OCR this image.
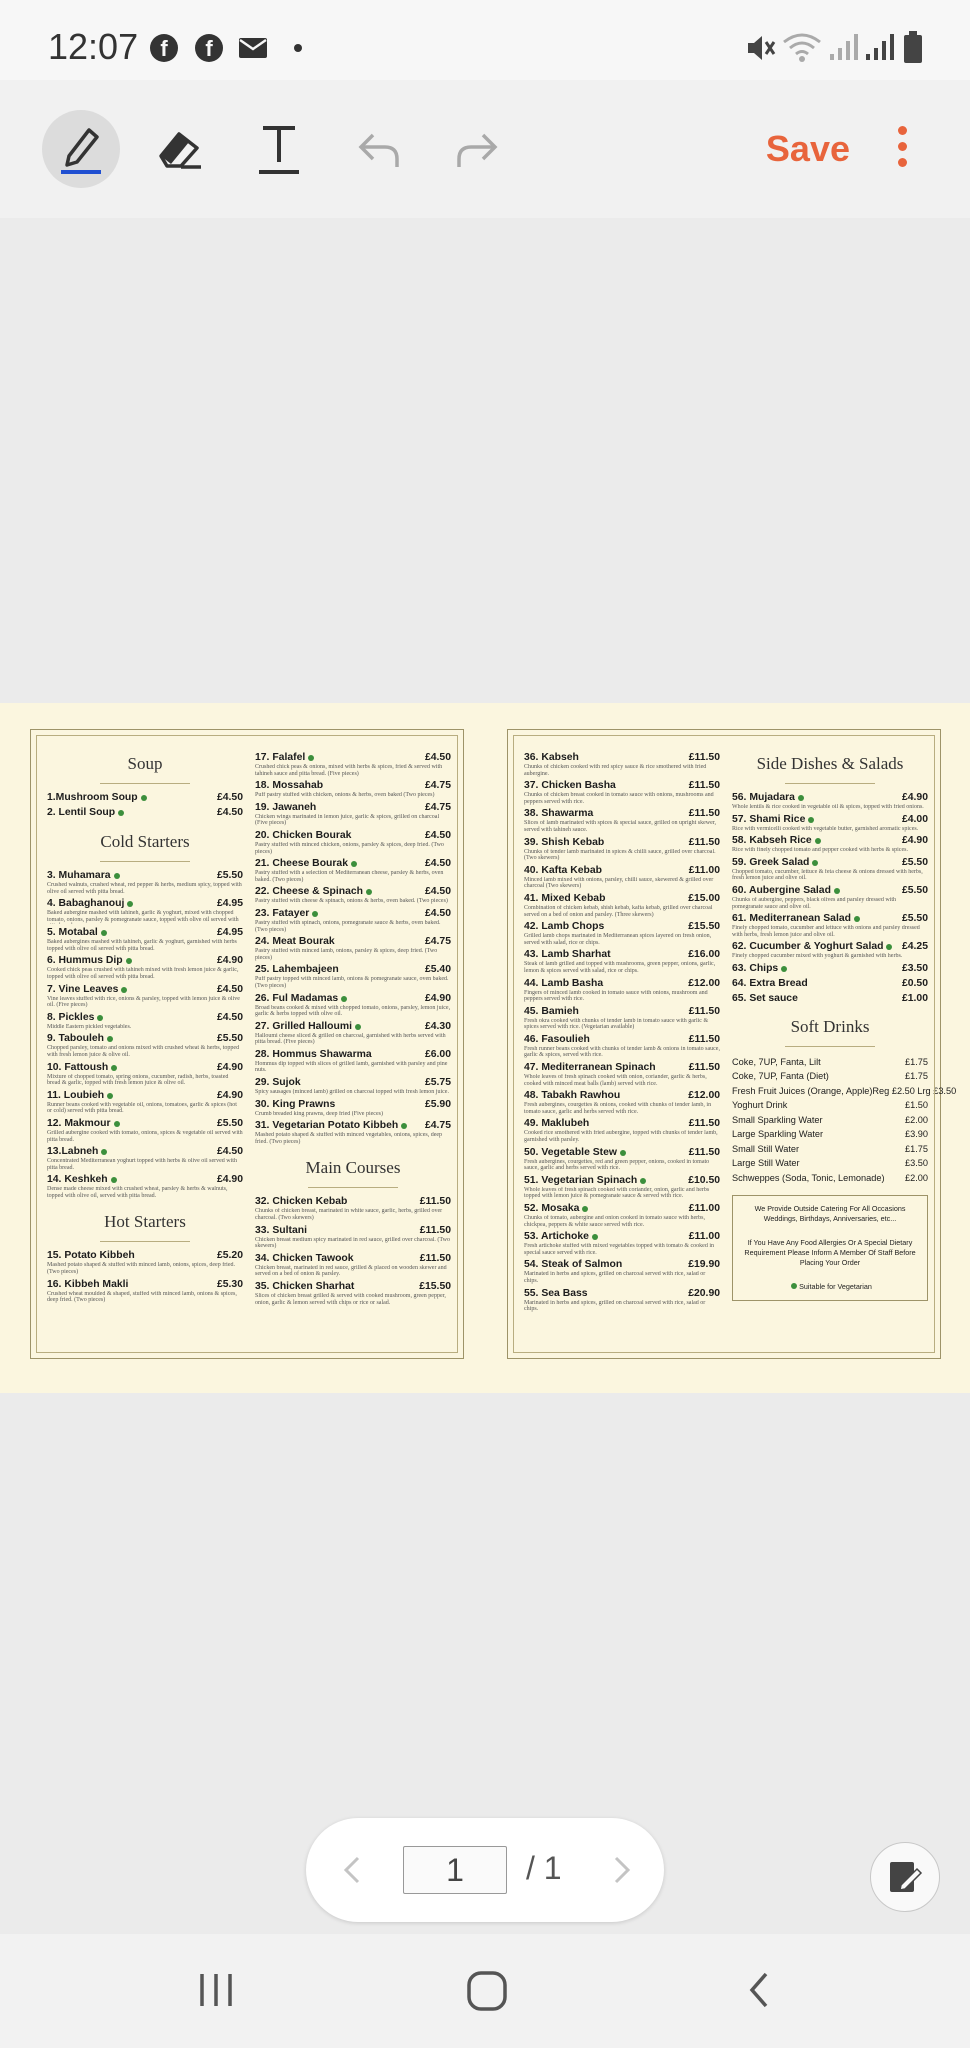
12:07	f	f
Save
Soup
1.Mushroom Soup	£4.50
2. Lentil Soup	£4.50
Cold Starters
3. Muhamara	£5.50
Crushed walnuts, crushed wheat, red pepper & herbs, medium spicy, topped with olive oil served with pitta bread.
4. Babaghanouj	£4.95
Baked aubergine mashed with tahineh, garlic & yoghurt, mixed with chopped tomato, onions, parsley & pomegranate sauce, topped with olive oil served with
5. Motabal	£4.95
Baked aubergines mashed with tahineh, garlic & yoghurt, garnished with herbs topped with olive oil served with pitta bread.
6. Hummus Dip	£4.90
Cooked chick peas crushed with tahineh mixed with fresh lemon juice & garlic, topped with olive oil served with pitta bread.
7. Vine Leaves	£4.50
Vine leaves stuffed with rice, onions & parsley, topped with lemon juice & olive oil. (Five pieces)
8. Pickles	£4.50
Middle Eastern pickled vegetables.
9. Tabouleh	£5.50
Chopped parsley, tomato and onions mixed with crushed wheat & herbs, topped with fresh lemon juice & olive oil.
10. Fattoush	£4.90
Mixture of chopped tomato, spring onions, cucumber, radish, herbs, toasted bread & garlic, topped with fresh lemon juice & olive oil.
11. Loubieh	£4.90
Runner beans cooked with vegetable oil, onions, tomatoes, garlic & spices (hot or cold) served with pitta bread.
12. Makmour	£5.50
Grilled aubergine cooked with tomato, onions, spices & vegetable oil served with pitta bread.
13.Labneh	£4.50
Concentrated Mediterranean yoghurt topped with herbs & olive oil served with pitta bread.
14. Keshkeh	£4.90
Dense made cheese mixed with crushed wheat, parsley & herbs & walnuts, topped with olive oil, served with pitta bread.
Hot Starters
15. Potato Kibbeh	£5.20
Mashed potato shaped & stuffed with minced lamb, onions, spices, deep fried. (Two pieces)
16. Kibbeh Makli	£5.30
Crushed wheat moulded & shaped, stuffed with minced lamb, onions & spices, deep fried. (Two pieces)
17. Falafel	£4.50
Crushed chick peas & onions, mixed with herbs & spices, fried & served with tahineh sauce and pitta bread. (Five pieces)
18. Mossahab	£4.75
Puff pastry stuffed with chicken, onions & herbs, oven baked (Two pieces)
19. Jawaneh	£4.75
Chicken wings marinated in lemon juice, garlic & spices, grilled on charcoal (Five pieces)
20. Chicken Bourak	£4.50
Pastry stuffed with minced chicken, onions, parsley & spices, deep fried. (Two pieces)
21. Cheese Bourak	£4.50
Pastry stuffed with a selection of Mediterranean cheese, parsley & herbs, oven baked. (Two pieces)
22. Cheese & Spinach	£4.50
Pastry stuffed with cheese & spinach, onions & herbs, oven baked. (Two pieces)
23. Fatayer	£4.50
Pastry stuffed with spinach, onions, pomegranate sauce & herbs, oven baked. (Two pieces)
24. Meat Bourak	£4.75
Pastry stuffed with minced lamb, onions, parsley & spices, deep fried. (Two pieces)
25. Lahembajeen	£5.40
Puff pastry topped with minced lamb, onions & pomegranate sauce, oven baked. (Two pieces)
26. Ful Madamas	£4.90
Broad beans cooked & mixed with chopped tomato, onions, parsley, lemon juice, garlic & herbs topped with olive oil.
27. Grilled Halloumi	£4.30
Halloumi cheese sliced & grilled on charcoal, garnished with herbs served with pitta bread. (Five pieces)
28. Hommus Shawarma	£6.00
Hommus dip topped with slices of grilled lamb, garnished with parsley and pine nuts.
29. Sujok	£5.75
Spicy sausages (minced lamb) grilled on charcoal topped with fresh lemon juice.
30. King Prawns	£5.90
Crumb breaded king prawns, deep fried (Five pieces)
31. Vegetarian Potato Kibbeh	£4.75
Mashed potato shaped & stuffed with minced vegetables, onions, spices, deep fried. (Two pieces)
Main Courses
32. Chicken Kebab	£11.50
Chunks of chicken breast, marinated in white sauce, garlic, herbs, grilled over charcoal. (Two skewers)
33. Sultani	£11.50
Chicken breast medium spicy marinated in red sauce, grilled over charcoal. (Two skewers)
34. Chicken Tawook	£11.50
Chicken breast, marinated in red sauce, grilled & placed on wooden skewer and served on a bed of onion & parsley.
35. Chicken Sharhat	£15.50
Slices of chicken breast grilled & served with cooked mushroom, green pepper, onion, garlic & lemon served with chips or rice or salad.
36. Kabseh	£11.50
Chunks of chicken cooked with red spicy sauce & rice smothered with fried aubergine.
37. Chicken Basha	£11.50
Chunks of chicken breast cooked in tomato sauce with onions, mushrooms and peppers served with rice.
38. Shawarma	£11.50
Slices of lamb marinated with spices & special sauce, grilled on upright skewer, served with tahineh sauce.
39. Shish Kebab	£11.50
Chunks of tender lamb marinated in spices & chilli sauce, grilled over charcoal. (Two skewers)
40. Kafta Kebab	£11.00
Minced lamb mixed with onions, parsley, chilli sauce, skewered & grilled over charcoal (Two skewers)
41. Mixed Kebab	£15.00
Combination of chicken kebab, shish kebab, kafta kebab, grilled over charcoal served on a bed of onion and parsley. (Three skewers)
42. Lamb Chops	£15.50
Grilled lamb chops marinated in Mediterranean spices layered on fresh onion, served with salad, rice or chips.
43. Lamb Sharhat	£16.00
Steak of lamb grilled and topped with mushrooms, green pepper, onions, garlic, lemon & spices served with salad, rice or chips.
44. Lamb Basha	£12.00
Fingers of minced lamb cooked in tomato sauce with onions, mushroom and peppers served with rice.
45. Bamieh	£11.50
Fresh okra cooked with chunks of tender lamb in tomato sauce with garlic & spices served with rice. (Vegetarian available)
46. Fasoulieh	£11.50
Fresh runner beans cooked with chunks of tender lamb & onions in tomato sauce, garlic & spices, served with rice.
47. Mediterranean Spinach	£11.50
Whole leaves of fresh spinach cooked with onion, coriander, garlic & herbs, cooked with minced meat balls (lamb) served with rice.
48. Tabakh Rawhou	£12.00
Fresh aubergines, courgettes & onions, cooked with chunks of tender lamb, in tomato sauce, garlic and herbs served with rice.
49. Maklubeh	£11.50
Cooked rice smothered with fried aubergine, topped with chunks of tender lamb, garnished with parsley.
50. Vegetable Stew	£11.50
Fresh aubergines, courgettes, red and green pepper, onions, cooked in tomato sauce, garlic and herbs served with rice.
51. Vegetarian Spinach	£10.50
Whole leaves of fresh spinach cooked with coriander, onion, garlic and herbs topped with lemon juice & pomegranate sauce & served with rice.
52. Mosaka	£11.00
Chunks of tomato, aubergine and onion cooked in tomato sauce with herbs, chickpea, peppers & white sauce served with rice.
53. Artichoke	£11.00
Fresh artichoke stuffed with mixed vegetables topped with tomato & cooked in special sauce served with rice.
54. Steak of Salmon	£19.90
Marinated in herbs and spices, grilled on charcoal served with rice, salad or chips.
55. Sea Bass	£20.90
Marinated in herbs and spices, grilled on charcoal served with rice, salad or chips.
Side Dishes & Salads
56. Mujadara	£4.90
Whole lentils & rice cooked in vegetable oil & spices, topped with fried onions.
57. Shami Rice	£4.00
Rice with vermicelli cooked with vegetable butter, garnished aromatic spices.
58. Kabseh Rice	£4.90
Rice with finely chopped tomato and pepper cooked with herbs & spices.
59. Greek Salad	£5.50
Chopped tomato, cucumber, lettuce & feta cheese & onions dressed with herbs, fresh lemon juice and olive oil.
60. Aubergine Salad	£5.50
Chunks of aubergine, peppers, black olives and parsley dressed with pomegranate sauce and olive oil.
61. Mediterranean Salad	£5.50
Finely chopped tomato, cucumber and lettuce with onions and parsley dressed with herbs, fresh lemon juice and olive oil.
62. Cucumber & Yoghurt Salad £4.25
Finely chopped cucumber mixed with yoghurt & garnished with herbs.
63. Chips	£3.50
64. Extra Bread	£0.50
65. Set sauce	£1.00
Soft Drinks
Coke, 7UP, Fanta, Lilt	£1.75
Coke, 7UP, Fanta (Diet)	£1.75
Fresh Fruit Juices (Orange, Apple) Reg £2.50 Lrg £3.50
Yoghurt Drink	£1.50
Small Sparkling Water	£2.00
Large Sparkling Water	£3.90
Small Still Water	£1.75
Large Still Water	£3.50
Schweppes (Soda, Tonic, Lemonade) £2.00

We Provide Outside Catering For All Occasions Weddings, Birthdays, Anniversaries, etc...

If You Have Any Food Allergies Or A Special Dietary Requirement Please Inform A Member Of Staff Before Placing Your Order

Suitable for Vegetarian

1	/ 1
